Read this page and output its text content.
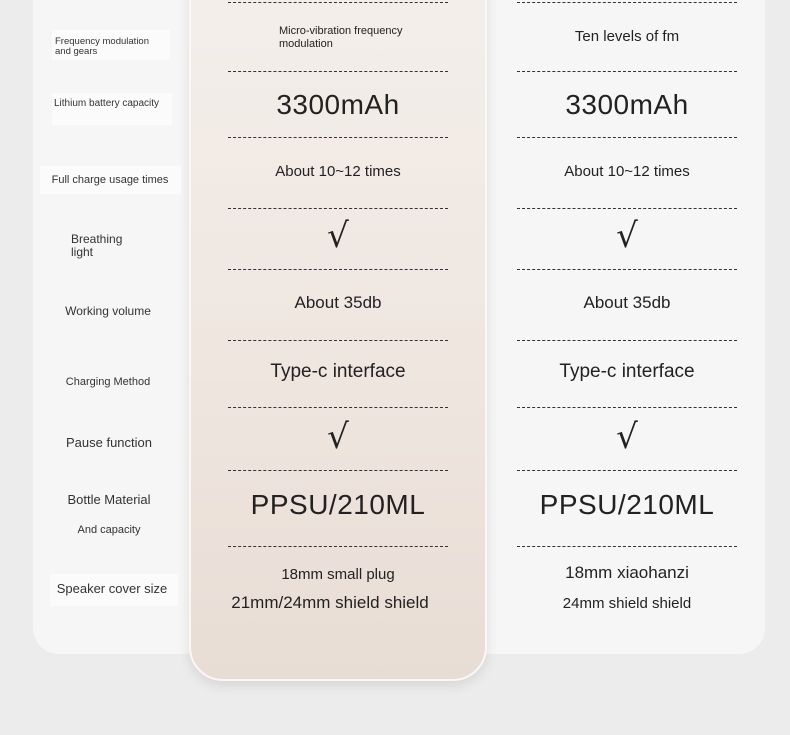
Frequency modulation and gears
Lithium battery capacity
Full charge usage times
Breathing light
Working volume
Charging Method
Pause function
Bottle Material
And capacity
Speaker cover size
Micro-vibration frequency modulation
3300mAh
About 10~12 times
√
About 35db
Type-c interface
√
PPSU/210ML
18mm small plug
21mm/24mm shield shield
Ten levels of fm
3300mAh
About 10~12 times
√
About 35db
Type-c interface
√
PPSU/210ML
18mm xiaohanzi
24mm shield shield
